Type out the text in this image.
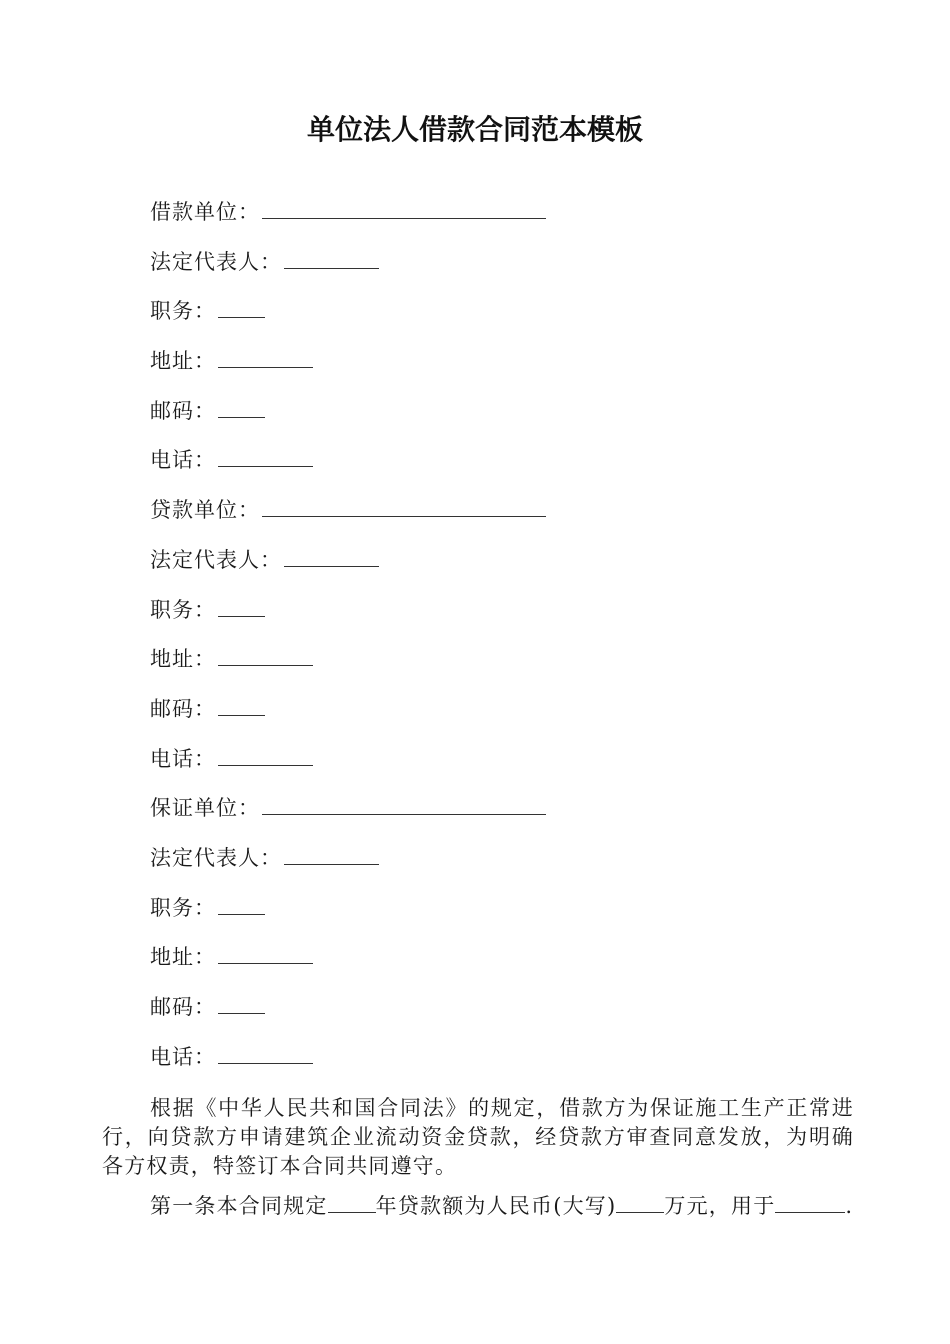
单位法人借款合同范本模板
借款单位：
法定代表人：
职务：
地址：
邮码：
电话：
贷款单位：
法定代表人：
职务：
地址：
邮码：
电话：
保证单位：
法定代表人：
职务：
地址：
邮码：
电话：
根据《中华人民共和国合同法》的规定，借款方为保证施工生产正常进行，向贷款方申请建筑企业流动资金贷款，经贷款方审查同意发放，为明确各方权责，特签订本合同共同遵守。
第一条本合同规定 年贷款额为人民币(大写) 万元，用于	.
